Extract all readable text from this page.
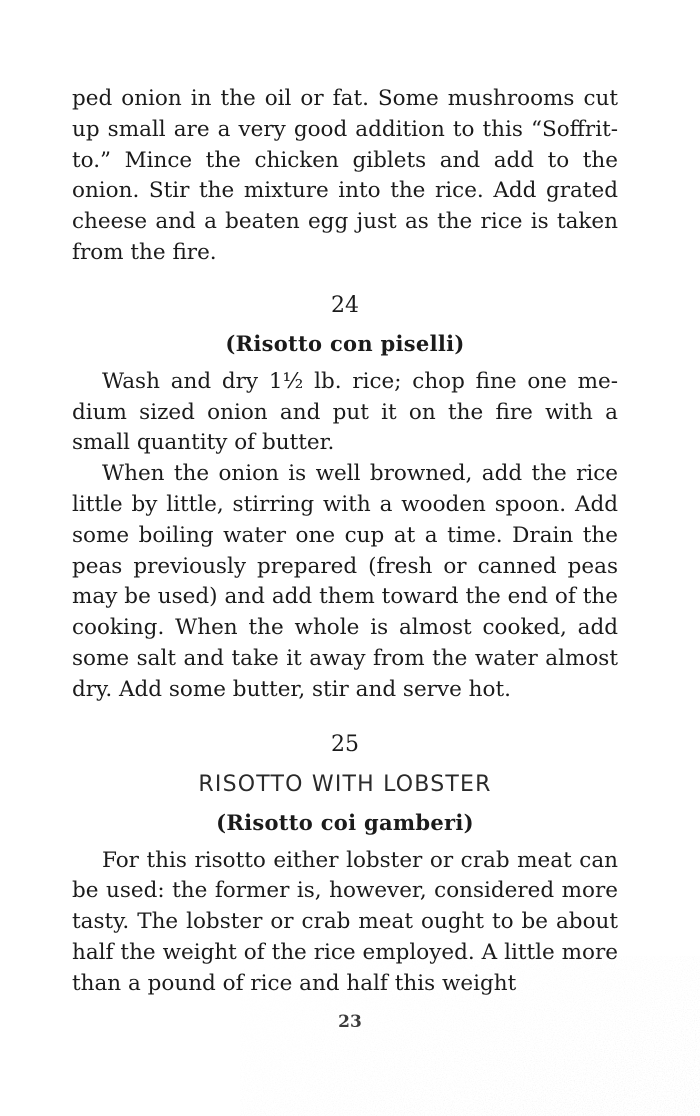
ped onion in the oil or fat. Some mushrooms cut up small are a very good addition to this “Soffritto.” Mince the chicken giblets and add to the onion. Stir the mixture into the rice. Add grated cheese and a beaten egg just as the rice is taken from the fire.

24

(Risotto con piselli)

Wash and dry 1½ lb. rice; chop fine one medium sized onion and put it on the fire with a small quantity of butter.

When the onion is well browned, add the rice little by little, stirring with a wooden spoon. Add some boiling water one cup at a time. Drain the peas previously prepared (fresh or canned peas may be used) and add them toward the end of the cooking. When the whole is almost cooked, add some salt and take it away from the water almost dry. Add some butter, stir and serve hot.

25

RISOTTO WITH LOBSTER

(Risotto coi gamberi)

For this risotto either lobster or crab meat can be used: the former is, however, considered more tasty. The lobster or crab meat ought to be about half the weight of the rice employed. A little more than a pound of rice and half this weight

23
